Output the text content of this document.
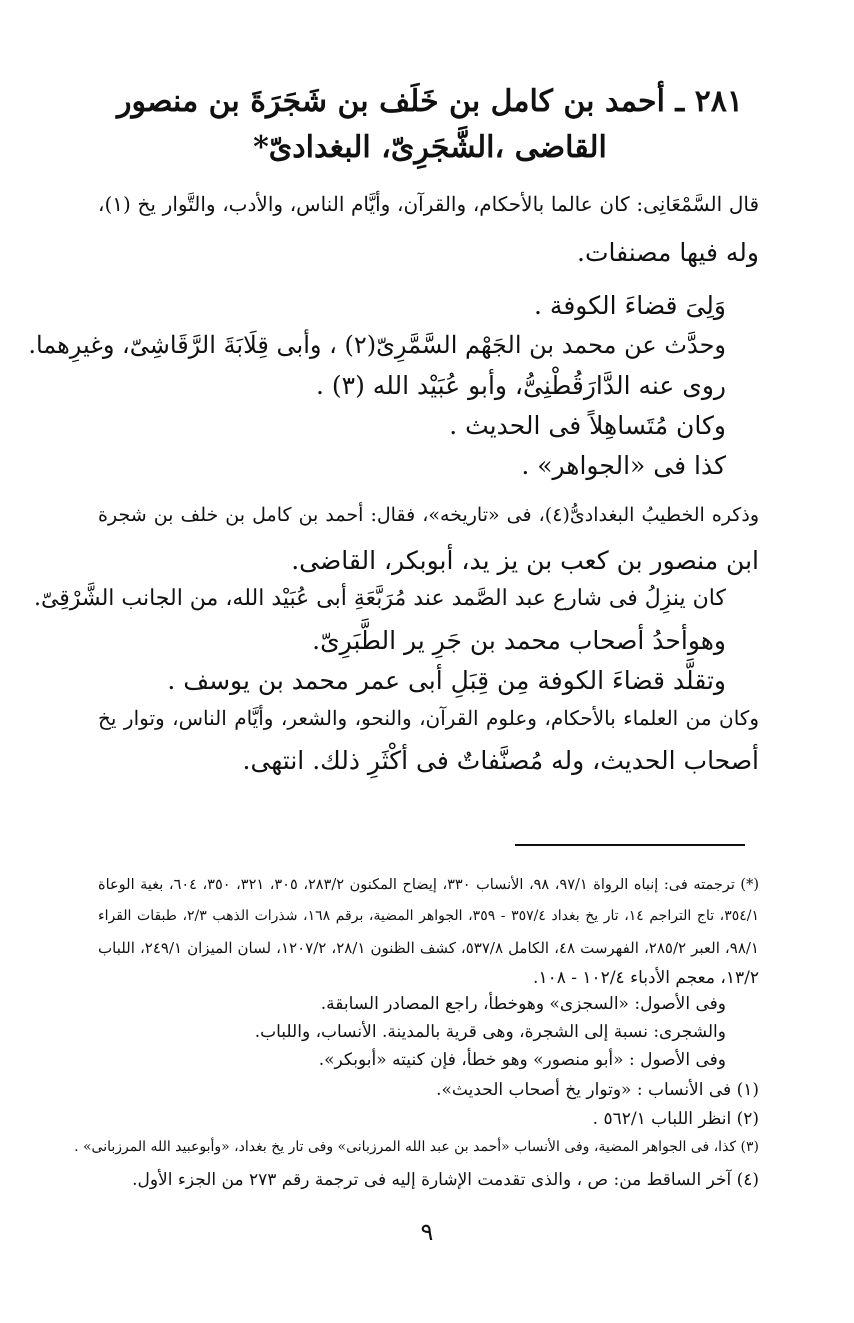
٢٨١ ـ أحمد بن كامل بن خَلَف بن شَجَرَةَ بن منصور
القاضى ،الشَّجَرِىّ، البغدادىّ*
قال السَّمْعَانِى: كان عالما بالأحكام، والقرآن، وأيَّام الناس، والأدب، والتَّوار يخ (١)،
وله فيها مصنفات.
وَلِىَ قضاءَ الكوفة .
وحدَّث عن محمد بن الجَهْم السَّمَّرِىّ(٢) ، وأبى قِلَابَةَ الرَّقَاشِىّ، وغيرِهما.
روى عنه الدَّارَقُطْنِىُّ، وأبو عُبَيْد الله (٣) .
وكان مُتَساهِلاً فى الحديث .
كذا فى «الجواهر» .
وذكره الخطيبُ البغدادىُّ(٤)، فى «تاريخه»، فقال: أحمد بن كامل بن خلف بن شجرة
ابن منصور بن كعب بن يز يد، أبوبكر، القاضى.
كان ينزِلُ فى شارع عبد الصَّمد عند مُرَبَّعَةِ أبى عُبَيْد الله، من الجانب الشَّرْقِىّ.
وهوأحدُ أصحاب محمد بن جَرِ ير الطَّبَرِىّ.
وتقلَّد قضاءَ الكوفة مِن قِبَلِ أبى عمر محمد بن يوسف .
وكان من العلماء بالأحكام، وعلوم القرآن، والنحو، والشعر، وأيَّام الناس، وتوار يخ
أصحاب الحديث، وله مُصنَّفاتٌ فى أكْثَرِ ذلك. انتهى.
(*) ترجمته فى: إنباه الرواة ٩٧/١، ٩٨، الأنساب ٣٣٠، إيضاح المكنون ٢٨٣/٢، ٣٠٥، ٣٢١، ٣٥٠، ٦٠٤، بغية الوعاة
٣٥٤/١، تاج التراجم ١٤، تار يخ بغداد ٣٥٧/٤ - ٣٥٩، الجواهر المضية، برقم ١٦٨، شذرات الذهب ٢/٣، طبقات القراء
٩٨/١، العبر ٢٨٥/٢، الفهرست ٤٨، الكامل ٥٣٧/٨، كشف الظنون ٢٨/١، ١٢٠٧/٢، لسان الميزان ٢٤٩/١، اللباب
١٣/٢، معجم الأدباء ١٠٢/٤ - ١٠٨.
وفى الأصول: «السجزى» وهوخطأ، راجع المصادر السابقة.
والشجرى: نسبة إلى الشجرة، وهى قرية بالمدينة. الأنساب، واللباب.
وفى الأصول : «أبو منصور» وهو خطأ، فإن كنيته «أبوبكر».
(١) فى الأنساب : «وتوار يخ أصحاب الحديث».
(٢) انظر اللباب ٥٦٢/١ .
(٣) كذا، فى الجواهر المضية، وفى الأنساب «أحمد بن عبد الله المرزبانى» وفى تار يخ بغداد، «وأبوعبيد الله المرزبانى» .
(٤) آخر الساقط من: ص ، والذى تقدمت الإشارة إليه فى ترجمة رقم ٢٧٣ من الجزء الأول.
٩
